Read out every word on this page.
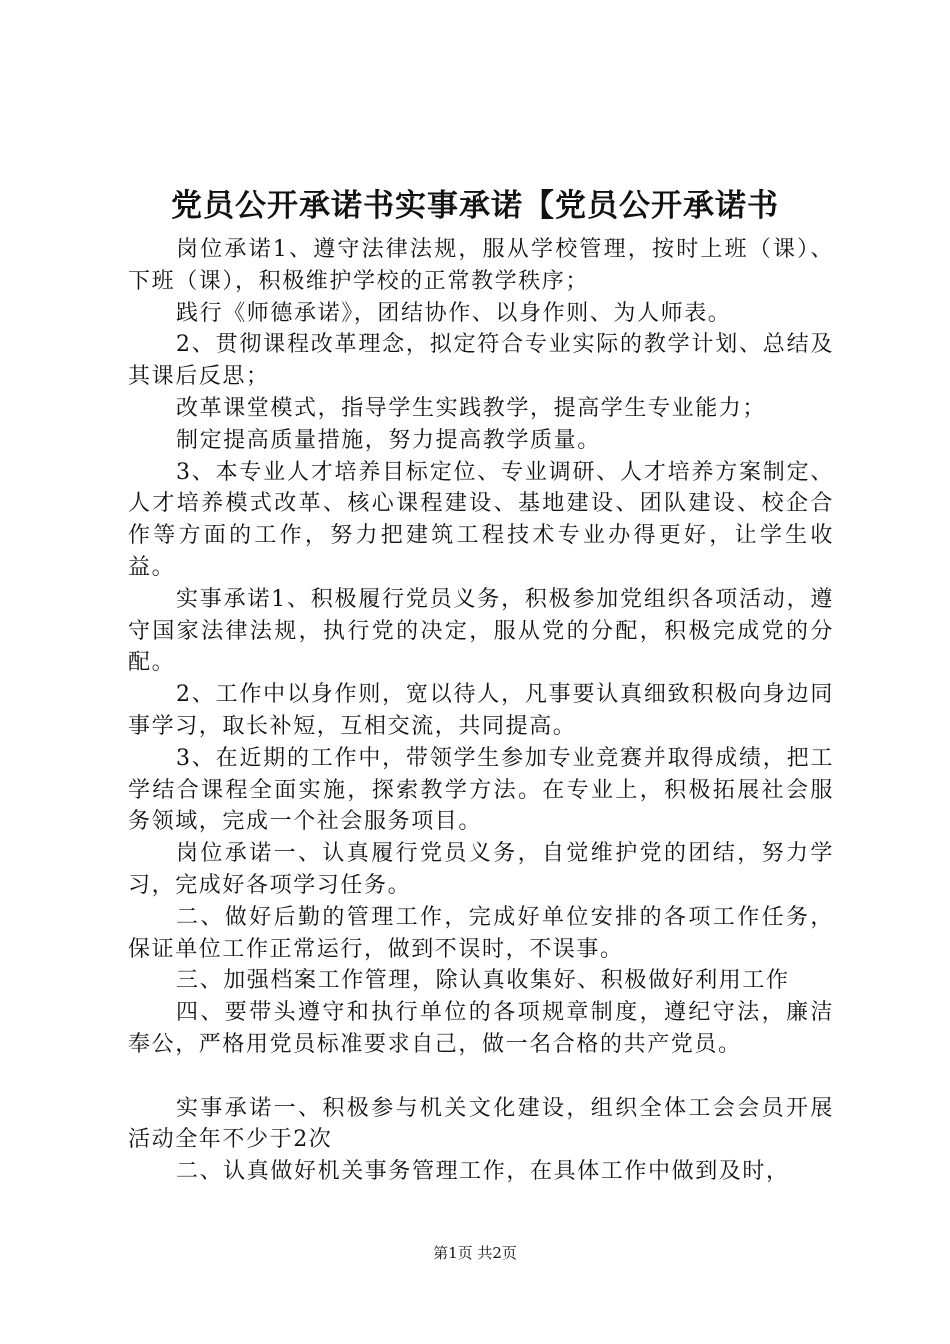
党员公开承诺书实事承诺【党员公开承诺书

岗位承诺1、遵守法律法规，服从学校管理，按时上班（课）、下班（课），积极维护学校的正常教学秩序；

践行《师德承诺》，团结协作、以身作则、为人师表。

2、贯彻课程改革理念，拟定符合专业实际的教学计划、总结及其课后反思；

改革课堂模式，指导学生实践教学，提高学生专业能力；

制定提高质量措施，努力提高教学质量。

3、本专业人才培养目标定位、专业调研、人才培养方案制定、人才培养模式改革、核心课程建设、基地建设、团队建设、校企合作等方面的工作，努力把建筑工程技术专业办得更好，让学生收益。

实事承诺1、积极履行党员义务，积极参加党组织各项活动，遵守国家法律法规，执行党的决定，服从党的分配，积极完成党的分配。

2、工作中以身作则，宽以待人，凡事要认真细致积极向身边同事学习，取长补短，互相交流，共同提高。

3、在近期的工作中，带领学生参加专业竞赛并取得成绩，把工学结合课程全面实施，探索教学方法。在专业上，积极拓展社会服务领域，完成一个社会服务项目。

岗位承诺一、认真履行党员义务，自觉维护党的团结，努力学习，完成好各项学习任务。

二、做好后勤的管理工作，完成好单位安排的各项工作任务，保证单位工作正常运行，做到不误时，不误事。

三、加强档案工作管理，除认真收集好、积极做好利用工作

四、要带头遵守和执行单位的各项规章制度，遵纪守法，廉洁奉公，严格用党员标准要求自己，做一名合格的共产党员。

实事承诺一、积极参与机关文化建设，组织全体工会会员开展活动全年不少于2次

二、认真做好机关事务管理工作，在具体工作中做到及时，

第1页 共2页
